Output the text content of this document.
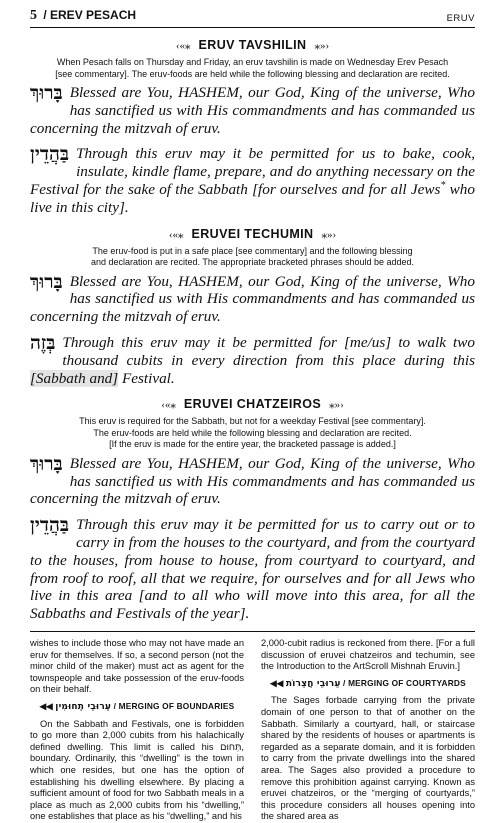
5 / EREV PESACH	ERUV
‹«⁎ ERUV TAVSHILIN ⁎»›
When Pesach falls on Thursday and Friday, an eruv tavshilin is made on Wednesday Erev Pesach
[see commentary]. The eruv-foods are held while the following blessing and declaration are recited.
בָּרוּךְ Blessed are You, HASHEM, our God, King of the universe, Who has sanctified us with His commandments and has commanded us concerning the mitzvah of eruv.
בַּהֲדֵין Through this eruv may it be permitted for us to bake, cook, insulate, kindle flame, prepare, and do anything necessary on the Festival for the sake of the Sabbath [for ourselves and for all Jews* who live in this city].
‹«⁎ ERUVEI TECHUMIN ⁎»›
The eruv-food is put in a safe place [see commentary] and the following blessing
and declaration are recited. The appropriate bracketed phrases should be added.
בָּרוּךְ Blessed are You, HASHEM, our God, King of the universe, Who has sanctified us with His commandments and has commanded us concerning the mitzvah of eruv.
בְּזֶה Through this eruv may it be permitted for [me/us] to walk two thousand cubits in every direction from this place during this [Sabbath and] Festival.
‹«⁎ ERUVEI CHATZEIROS ⁎»›
This eruv is required for the Sabbath, but not for a weekday Festival [see commentary].
The eruv-foods are held while the following blessing and declaration are recited.
[If the eruv is made for the entire year, the bracketed passage is added.]
בָּרוּךְ Blessed are You, HASHEM, our God, King of the universe, Who has sanctified us with His commandments and has commanded us concerning the mitzvah of eruv.
בַּהֲדֵין Through this eruv may it be permitted for us to carry out or to carry in from the houses to the courtyard, and from the courtyard to the houses, from house to house, from courtyard to courtyard, and from roof to roof, all that we require, for ourselves and for all Jews who live in this area [and to all who will move into this area, for all the Sabbaths and Festivals of the year].

wishes to include those who may not have made an eruv for themselves. If so, a second person (not the minor child of the maker) must act as agent for the townspeople and take possession of the eruv-foods on their behalf.

◀◀ עֵרוּבֵי תְחוּמִין / MERGING OF BOUNDARIES

On the Sabbath and Festivals, one is forbidden to go more than 2,000 cubits from his halachically defined dwelling. This limit is called his תְּחוּם, boundary. Ordinarily, this “dwelling” is the town in which one resides, but one has the option of establishing his dwelling elsewhere. By placing a sufficient amount of food for two Sabbath meals in a place as much as 2,000 cubits from his “dwelling,” one establishes that place as his “dwelling,” and his

2,000-cubit radius is reckoned from there. [For a full discussion of eruvei chatzeiros and techumin, see the Introduction to the ArtScroll Mishnah Eruvin.]

◀◀ עֵרוּבֵי חֲצֵרוֹת / MERGING OF COURTYARDS

The Sages forbade carrying from the private domain of one person to that of another on the Sabbath. Similarly a courtyard, hall, or staircase shared by the residents of houses or apartments is regarded as a separate domain, and it is forbidden to carry from the private dwellings into the shared area. The Sages also provided a procedure to remove this prohibition against carrying. Known as eruvei chatzeiros, or the “merging of courtyards,” this procedure considers all houses opening into the shared area as
